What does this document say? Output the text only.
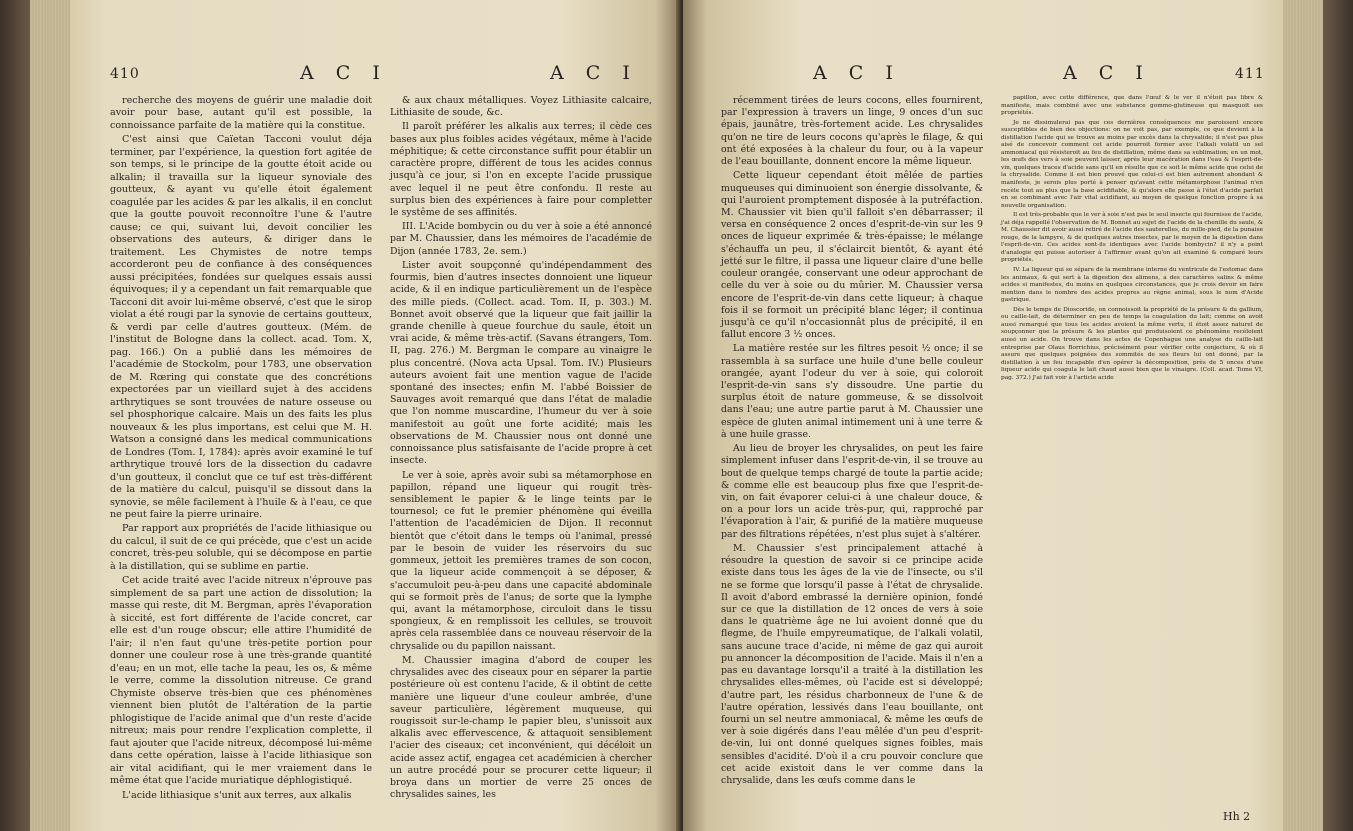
410	A C I	A C I

recherche des moyens de guérir une maladie doit avoir pour base, autant qu'il est possible, la connoissance parfaite de la matière qui la constitue.

C'est ainsi que Caïetan Tacconi voulut déja terminer, par l'expérience, la question fort agitée de son temps, si le principe de la goutte étoit acide ou alkalin; il travailla sur la liqueur synoviale des goutteux, & ayant vu qu'elle étoit également coagulée par les acides & par les alkalis, il en conclut que la goutte pouvoit reconnoître l'une & l'autre cause; ce qui, suivant lui, devoit concilier les observations des auteurs, & diriger dans le traitement. Les Chymistes de notre temps accorderont peu de confiance à des conséquences aussi précipitées, fondées sur quelques essais aussi équivoques; il y a cependant un fait remarquable que Tacconi dit avoir lui-même observé, c'est que le sirop violat a été rougi par la synovie de certains goutteux, & verdi par celle d'autres goutteux. (Mém. de l'institut de Bologne dans la collect. acad. Tom. X, pag. 166.) On a publié dans les mémoires de l'académie de Stockolm, pour 1783, une observation de M. Rœring qui constate que des concrétions expectorées par un vieillard sujet à des accidens arthrytiques se sont trouvées de nature osseuse ou sel phosphorique calcaire. Mais un des faits les plus nouveaux & les plus importans, est celui que M. H. Watson a consigné dans les medical communications de Londres (Tom. I, 1784): après avoir examiné le tuf arthrytique trouvé lors de la dissection du cadavre d'un goutteux, il conclut que ce tuf est très-différent de la matière du calcul, puisqu'il se dissout dans la synovie, se mêle facilement à l'huile & à l'eau, ce que ne peut faire la pierre urinaire.

Par rapport aux propriétés de l'acide lithiasique ou du calcul, il suit de ce qui précède, que c'est un acide concret, très-peu soluble, qui se décompose en partie à la distillation, qui se sublime en partie.

Cet acide traité avec l'acide nitreux n'éprouve pas simplement de sa part une action de dissolution; la masse qui reste, dit M. Bergman, après l'évaporation à siccité, est fort différente de l'acide concret, car elle est d'un rouge obscur; elle attire l'humidité de l'air; il n'en faut qu'une très-petite portion pour donner une couleur rose à une très-grande quantité d'eau; en un mot, elle tache la peau, les os, & même le verre, comme la dissolution nitreuse. Ce grand Chymiste observe très-bien que ces phénomènes viennent bien plutôt de l'altération de la partie phlogistique de l'acide animal que d'un reste d'acide nitreux; mais pour rendre l'explication complette, il faut ajouter que l'acide nitreux, décomposé lui-même dans cette opération, laisse à l'acide lithiasique son air vital acidifiant, qui le mer vraiement dans le même état que l'acide muriatique déphlogistiqué.

L'acide lithiasique s'unit aux terres, aux alkalis

& aux chaux métalliques. Voyez Lithiasite calcaire, Lithiasite de soude, &c.

Il paroît préférer les alkalis aux terres; il cède ces bases aux plus foibles acides végétaux, même à l'acide méphitique; & cette circonstance suffit pour établir un caractère propre, différent de tous les acides connus jusqu'à ce jour, si l'on en excepte l'acide prussique avec lequel il ne peut être confondu. Il reste au surplus bien des expériences à faire pour completter le systême de ses affinités.

III. L'Acide bombycin ou du ver à soie a été annoncé par M. Chaussier, dans les mémoires de l'académie de Dijon (année 1783, 2e. sem.)

Lister avoit soupçonné qu'indépendamment des fourmis, bien d'autres insectes donnoient une liqueur acide, & il en indique particulièrement un de l'espèce des mille pieds. (Collect. acad. Tom. II, p. 303.) M. Bonnet avoit observé que la liqueur que fait jaillir la grande chenille à queue fourchue du saule, étoit un vrai acide, & même très-actif. (Savans étrangers, Tom. II, pag. 276.) M. Bergman le compare au vinaigre le plus concentré. (Nova acta Upsal. Tom. IV.) Plusieurs auteurs avoient fait une mention vague de l'acide spontané des insectes; enfin M. l'abbé Boissier de Sauvages avoit remarqué que dans l'état de maladie que l'on nomme muscardine, l'humeur du ver à soie manifestoit au goût une forte acidité; mais les observations de M. Chaussier nous ont donné une connoissance plus satisfaisante de l'acide propre à cet insecte.

Le ver à soie, après avoir subi sa métamorphose en papillon, répand une liqueur qui rougit très-sensiblement le papier & le linge teints par le tournesol; ce fut le premier phénomène qui éveilla l'attention de l'académicien de Dijon. Il reconnut bientôt que c'étoit dans le temps où l'animal, pressé par le besoin de vuider les réservoirs du suc gommeux, jettoit les premières trames de son cocon, que la liqueur acide commençoit à se déposer, & s'accumuloit peu-à-peu dans une capacité abdominale qui se formoit près de l'anus; de sorte que la lymphe qui, avant la métamorphose, circuloit dans le tissu spongieux, & en remplissoit les cellules, se trouvoit après cela rassemblée dans ce nouveau réservoir de la chrysalide ou du papillon naissant.

M. Chaussier imagina d'abord de couper les chrysalides avec des ciseaux pour en séparer la partie postérieure où est contenu l'acide, & il obtint de cette manière une liqueur d'une couleur ambrée, d'une saveur particulière, légèrement muqueuse, qui rougissoit sur-le-champ le papier bleu, s'unissoit aux alkalis avec effervescence, & attaquoit sensiblement l'acier des ciseaux; cet inconvénient, qui décéloit un acide assez actif, engagea cet académicien à chercher un autre procédé pour se procurer cette liqueur; il broya dans un mortier de verre 25 onces de chrysalides saines, les

411
A C I	A C I

récemment tirées de leurs cocons, elles fournirent, par l'expression à travers un linge, 9 onces d'un suc épais, jaunâtre, très-fortement acide. Les chrysalides qu'on ne tire de leurs cocons qu'après le filage, & qui ont été exposées à la chaleur du four, ou à la vapeur de l'eau bouillante, donnent encore la même liqueur.

Cette liqueur cependant étoit mêlée de parties muqueuses qui diminuoient son énergie dissolvante, & qui l'auroient promptement disposée à la putréfaction. M. Chaussier vit bien qu'il falloit s'en débarrasser; il versa en conséquence 2 onces d'esprit-de-vin sur les 9 onces de liqueur exprimée & très-épaisse; le mélange s'échauffa un peu, il s'éclaircit bientôt, & ayant été jetté sur le filtre, il passa une liqueur claire d'une belle couleur orangée, conservant une odeur approchant de celle du ver à soie ou du mûrier. M. Chaussier versa encore de l'esprit-de-vin dans cette liqueur; à chaque fois il se formoit un précipité blanc léger; il continua jusqu'à ce qu'il n'occasionnât plus de précipité, il en fallut encore 3 ½ onces.

La matière restée sur les filtres pesoit ½ once; il se rassembla à sa surface une huile d'une belle couleur orangée, ayant l'odeur du ver à soie, qui coloroit l'esprit-de-vin sans s'y dissoudre. Une partie du surplus étoit de nature gommeuse, & se dissolvoit dans l'eau; une autre partie parut à M. Chaussier une espèce de gluten animal intimement uni à une terre & à une huile grasse.

Au lieu de broyer les chrysalides, on peut les faire simplement infuser dans l'esprit-de-vin, il se trouve au bout de quelque temps chargé de toute la partie acide; & comme elle est beaucoup plus fixe que l'esprit-de-vin, on fait évaporer celui-ci à une chaleur douce, & on a pour lors un acide très-pur, qui, rapproché par l'évaporation à l'air, & purifié de la matière muqueuse par des filtrations répétées, n'est plus sujet à s'altérer.

M. Chaussier s'est principalement attaché à résoudre la question de savoir si ce principe acide existe dans tous les âges de la vie de l'insecte, ou s'il ne se forme que lorsqu'il passe à l'état de chrysalide. Il avoit d'abord embrassé la dernière opinion, fondé sur ce que la distillation de 12 onces de vers à soie dans le quatrième âge ne lui avoient donné que du flegme, de l'huile empyreumatique, de l'alkali volatil, sans aucune trace d'acide, ni même de gaz qui auroit pu annoncer la décomposition de l'acide. Mais il n'en a pas eu davantage lorsqu'il a traité à la distillation les chrysalides elles-mêmes, où l'acide est si développé; d'autre part, les résidus charbonneux de l'une & de l'autre opération, lessivés dans l'eau bouillante, ont fourni un sel neutre ammoniacal, & même les œufs de ver à soie digérés dans l'eau mêlée d'un peu d'esprit-de-vin, lui ont donné quelques signes foibles, mais sensibles d'acidité. D'où il a cru pouvoir conclure que cet acide existoit dans le ver comme dans la chrysalide, dans les œufs comme dans le

papillon, avec cette différence, que dans l'œuf & le ver il n'étoit pas libre & manifeste, mais combiné avec une substance gommo-glutineuse qui masquoit ses propriétés.

Je ne dissimulerai pas que ces dernières conséquences me paroissent encore susceptibles de bien des objections: on ne voit pas, par exemple, ce que devient à la distillation l'acide qui se trouve au moins par excès dans la chrysalide; il n'est pas plus aisé de concevoir comment cet acide pourroit former avec l'alkali volatil un sel ammoniacal qui résisteroit au feu de distillation, même dans sa sublimation; en un mot, les œufs des vers à soie peuvent laisser, après leur macération dans l'eau & l'esprit-de-vin, quelques traces d'acide sans qu'il en résulte que ce soit le même acide que celui de la chrysalide. Comme il est bien prouvé que celui-ci est bien autrement abondant & manifeste, je serois plus porté à penser qu'avant cette métamorphose l'animal n'en recèle tout au plus que la base acidifiable, & qu'alors elle passe à l'état d'acide parfait en se combinant avec l'air vital acidifiant, au moyen de quelque fonction propre à sa nouvelle organisation.

Il est très-probable que le ver à soie n'est pas le seul insecte qui fournisse de l'acide, j'ai déja rappellé l'observation de M. Bonnet au sujet de l'acide de la chenille du saule, & M. Chaussier dit avoir aussi retiré de l'acide des sauterelles, du mille-pied, de la punaise rouge, de la lampyre, & de quelques autres insectes, par le moyen de la digestion dans l'esprit-de-vin. Ces acides sont-ils identiques avec l'acide bombycin? il n'y a point d'analogie qui puisse autoriser à l'affirmer avant qu'on ait examiné & comparé leurs propriétés.

IV. La liqueur qui se sépare de la membrane interne du ventricule de l'estomac dans les animaux, & qui sert à la digestion des alimens, a des caractères salins & même acides si manifestes, du moins en quelques circonstances, que je crois devoir en faire mention dans le nombre des acides propres au règne animal, sous le nom d'Acide gastrique.

Dès le temps de Dioscoride, on connoissoit la propriété de la présure & du gallium, ou caille-lait, de déterminer en peu de temps la coagulation du lait; comme on avoit aussi remarqué que tous les acides avoient la même vertu, il étoit assez naturel de soupçonner que la présure & les plantes qui produisoient ce phénomène recéloient aussi un acide. On trouve dans les actes de Copenhague une analyse du caille-lait entreprise par Olaus Borrichius, précisément pour vérifier cette conjecture, & où il assure que quelques poignées des sommités de ses fleurs lui ont donné, par la distillation à un feu incapable d'en opérer la décomposition, près de 5 onces d'une liqueur acide qui coagula le lait chaud aussi bien que le vinaigre. (Coll. acad. Tome VI, pag. 372.) J'ai fait voir à l'article acide

Hh 2
